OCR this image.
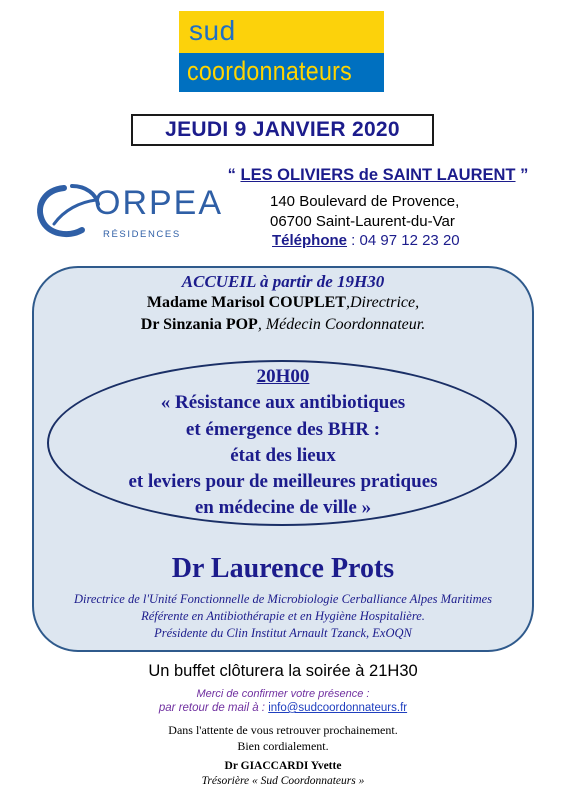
sud
coordonnateurs
JEUDI 9 JANVIER 2020
ORPEA
RÉSIDENCES
“ LES OLIVIERS de SAINT LAURENT ”
140 Boulevard de Provence,
06700 Saint-Laurent-du-Var
Téléphone : 04 97 12 23 20
ACCUEIL à partir de 19H30
Madame Marisol COUPLET,Directrice,
Dr Sinzania POP, Médecin Coordonnateur.
20H00
« Résistance aux antibiotiques
et émergence des BHR :
état des lieux
et leviers pour de meilleures pratiques
en médecine de ville »
Dr Laurence Prots
Directrice de l'Unité Fonctionnelle de Microbiologie Cerballiance Alpes Maritimes
Référente en Antibiothérapie et en Hygiène Hospitalière.
Présidente du Clin Institut Arnault Tzanck, ExOQN
Un buffet clôturera la soirée à 21H30
Merci de confirmer votre présence :
par retour de mail à : info@sudcoordonnateurs.fr
Dans l'attente de vous retrouver prochainement.
Bien cordialement.
Dr GIACCARDI Yvette
Trésorière « Sud Coordonnateurs »
